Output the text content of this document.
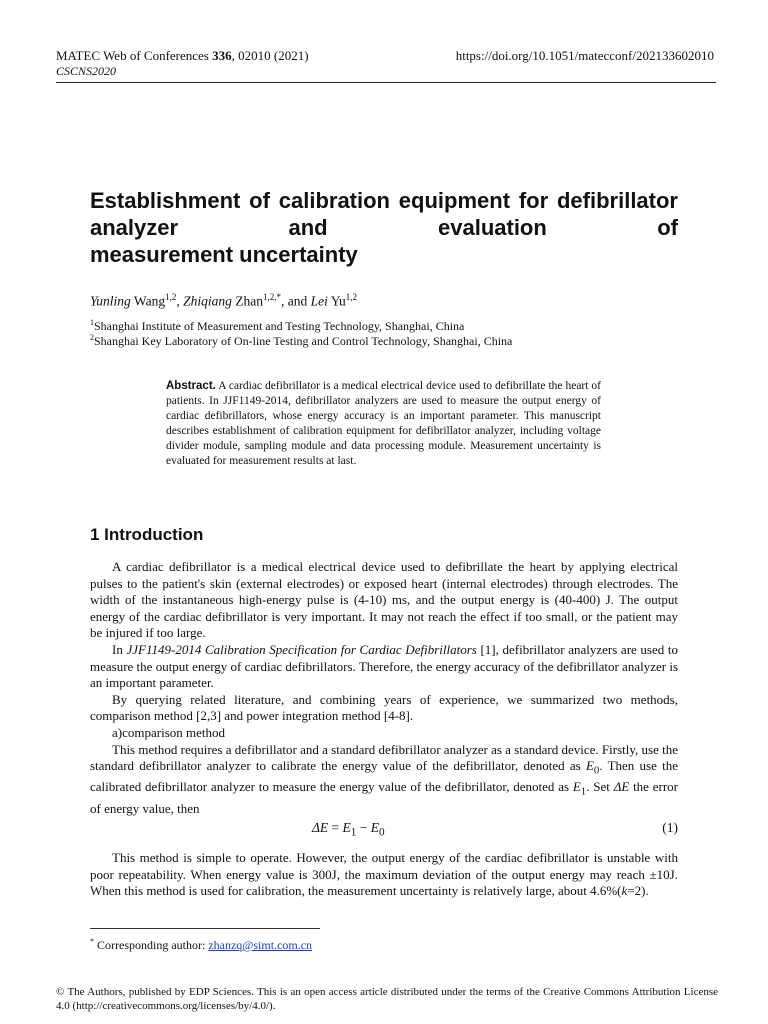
MATEC Web of Conferences 336, 02010 (2021)
CSCNS2020
https://doi.org/10.1051/matecconf/202133602010
Establishment of calibration equipment for defibrillator analyzer and evaluation of
measurement uncertainty
Yunling Wang$^{1,2}$, Zhiqiang Zhan$^{1,2,*}$, and Lei Yu$^{1,2}$
$^1$Shanghai Institute of Measurement and Testing Technology, Shanghai, China
$^2$Shanghai Key Laboratory of On-line Testing and Control Technology, Shanghai, China
Abstract. A cardiac defibrillator is a medical electrical device used to defibrillate the heart of patients. In JJF1149-2014, defibrillator analyzers are used to measure the output energy of cardiac defibrillators, whose energy accuracy is an important parameter. This manuscript describes establishment of calibration equipment for defibrillator analyzer, including voltage divider module, sampling module and data processing module. Measurement uncertainty is evaluated for measurement results at last.
1 Introduction

A cardiac defibrillator is a medical electrical device used to defibrillate the heart by applying electrical pulses to the patient's skin (external electrodes) or exposed heart (internal electrodes) through electrodes. The width of the instantaneous high-energy pulse is (4-10) ms, and the output energy is (40-400) J. The output energy of the cardiac defibrillator is very important. It may not reach the effect if too small, or the patient may be injured if too large.

In JJF1149-2014 Calibration Specification for Cardiac Defibrillators [1], defibrillator analyzers are used to measure the output energy of cardiac defibrillators. Therefore, the energy accuracy of the defibrillator analyzer is an important parameter.

By querying related literature, and combining years of experience, we summarized two methods, comparison method [2,3] and power integration method [4-8].

a)comparison method

This method requires a defibrillator and a standard defibrillator analyzer as a standard device. Firstly, use the standard defibrillator analyzer to calibrate the energy value of the defibrillator, denoted as $E_0$. Then use the calibrated defibrillator analyzer to measure the energy value of the defibrillator, denoted as $E_1$. Set ΔE the error of energy value, then

$\Delta E = E_1 - E_0$	(1)

This method is simple to operate. However, the output energy of the cardiac defibrillator is unstable with poor repeatability. When energy value is 300J, the maximum deviation of the output energy may reach ±10J. When this method is used for calibration, the measurement uncertainty is relatively large, about 4.6%(k=2).

* Corresponding author: zhanzq@simt.com.cn
© The Authors, published by EDP Sciences. This is an open access article distributed under the terms of the Creative Commons Attribution License 4.0 (http://creativecommons.org/licenses/by/4.0/).
